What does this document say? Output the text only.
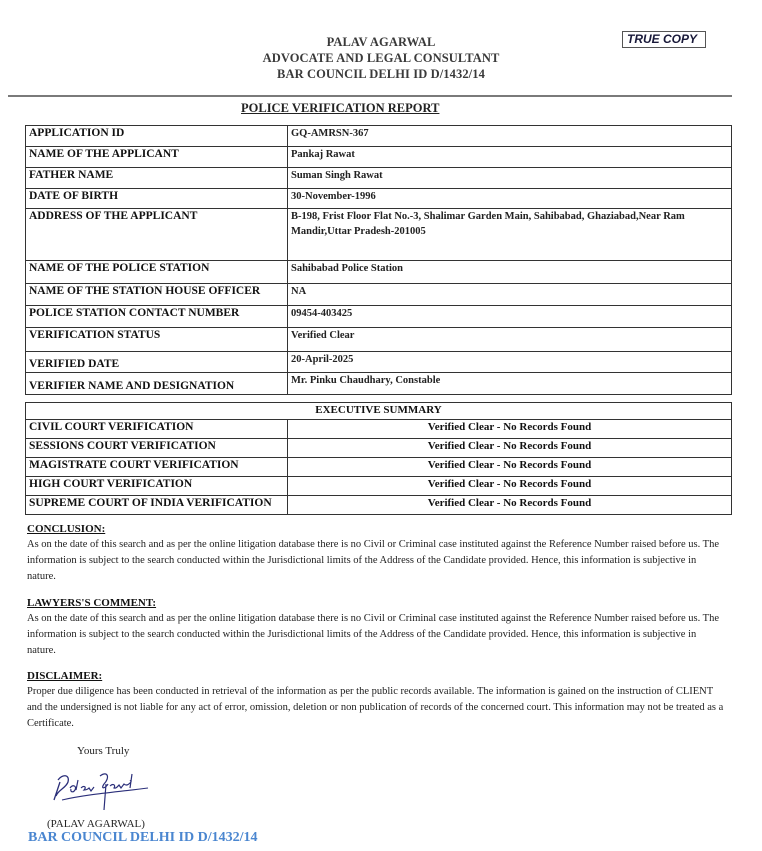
PALAV AGARWAL
ADVOCATE AND LEGAL CONSULTANT
BAR COUNCIL DELHI ID D/1432/14
TRUE COPY
POLICE VERIFICATION REPORT
APPLICATION ID	GQ-AMRSN-367
NAME OF THE APPLICANT	Pankaj Rawat
FATHER NAME	Suman Singh Rawat
DATE OF BIRTH	30-November-1996
ADDRESS OF THE APPLICANT	B-198, Frist Floor Flat No.-3, Shalimar Garden Main, Sahibabad, Ghaziabad,Near Ram Mandir,Uttar Pradesh-201005
NAME OF THE POLICE STATION	Sahibabad Police Station
NAME OF THE STATION HOUSE OFFICER	NA
POLICE STATION CONTACT NUMBER	09454-403425
VERIFICATION STATUS	Verified Clear
VERIFIED DATE	20-April-2025
VERIFIER NAME AND DESIGNATION	Mr. Pinku Chaudhary, Constable
EXECUTIVE SUMMARY	
CIVIL COURT VERIFICATION	Verified Clear - No Records Found
SESSIONS COURT VERIFICATION	Verified Clear - No Records Found
MAGISTRATE COURT VERIFICATION	Verified Clear - No Records Found
HIGH COURT VERIFICATION	Verified Clear - No Records Found
SUPREME COURT OF INDIA VERIFICATION	Verified Clear - No Records Found
CONCLUSION:
As on the date of this search and as per the online litigation database there is no Civil or Criminal case instituted against the Reference Number raised before us. The information is subject to the search conducted within the Jurisdictional limits of the Address of the Candidate provided. Hence, this information is subjective in nature.
LAWYERS'S COMMENT:
As on the date of this search and as per the online litigation database there is no Civil or Criminal case instituted against the Reference Number raised before us. The information is subject to the search conducted within the Jurisdictional limits of the Address of the Candidate provided. Hence, this information is subjective in nature.
DISCLAIMER:
Proper due diligence has been conducted in retrieval of the information as per the public records available. The information is gained on the instruction of CLIENT and the undersigned is not liable for any act of error, omission, deletion or non publication of records of the concerned court. This information may not be treated as a Certificate.
Yours Truly
(PALAV AGARWAL)
BAR COUNCIL DELHI ID D/1432/14
